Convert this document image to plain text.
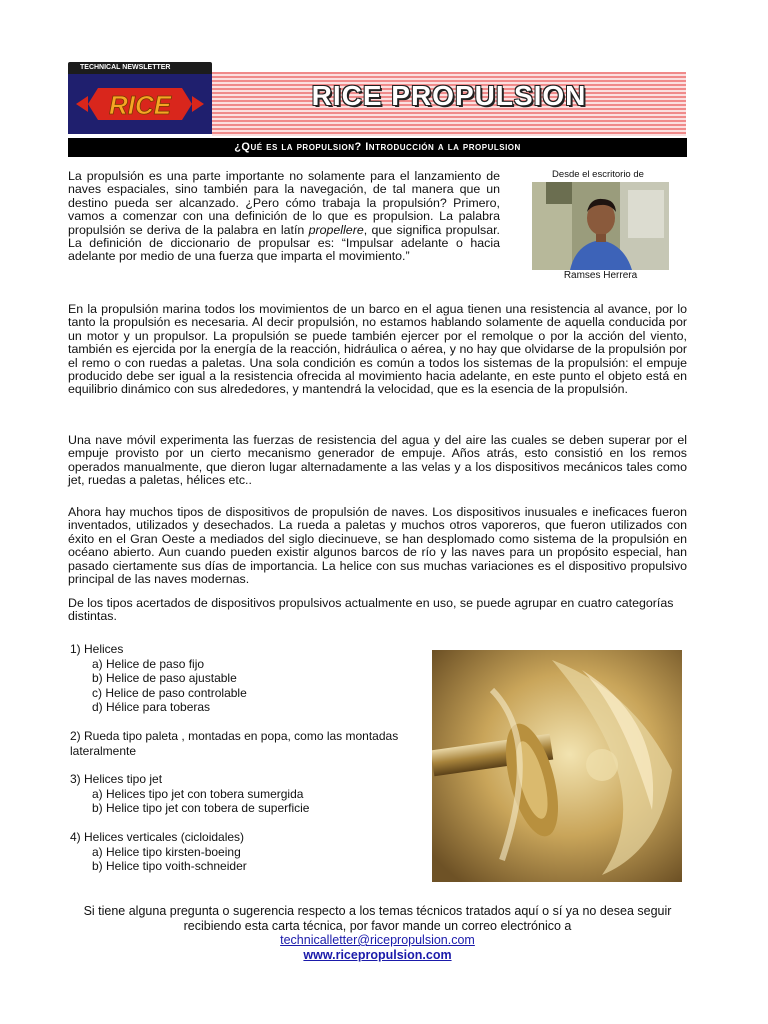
TECHNICAL NEWSLETTER
RICE	RICE PROPULSION
¿Qué es la propulsion? Introducción a la propulsion

La propulsión es una parte importante no solamente para el lanzamiento de naves espaciales, sino también para la navegación, de tal manera que un destino pueda ser alcanzado. ¿Pero cómo trabaja la propulsión? Primero, vamos a comenzar con una definición de lo que es propulsion. La palabra propulsión se deriva de la palabra en latín propellere, que significa propulsar. La definición de diccionario de propulsar es: “Impulsar adelante o hacia adelante por medio de una fuerza que imparta el movimiento.”

Desde el escritorio de
Ramses Herrera

En la propulsión marina todos los movimientos de un barco en el agua tienen una resistencia al avance, por lo tanto la propulsión es necesaria. Al decir propulsión, no estamos hablando solamente de aquella conducida por un motor y un propulsor. La propulsión se puede también ejercer por el remolque o por la acción del viento, también es ejercida por la energía de la reacción, hidráulica o aérea, y no hay que olvidarse de la propulsión por el remo o con ruedas a paletas. Una sola condición es común a todos los sistemas de la propulsión: el empuje producido debe ser igual a la resistencia ofrecida al movimiento hacia adelante, en este punto el objeto está en equilibrio dinámico con sus alrededores, y mantendrá la velocidad, que es la esencia de la propulsión.

Una nave móvil experimenta las fuerzas de resistencia del agua y del aire las cuales se deben superar por el empuje provisto por un cierto mecanismo generador de empuje. Años atrás, esto consistió en los remos operados manualmente, que dieron lugar alternadamente a las velas y a los dispositivos mecánicos tales como jet, ruedas a paletas, hélices etc..

Ahora hay muchos tipos de dispositivos de propulsión de naves. Los dispositivos inusuales e ineficaces fueron inventados, utilizados y desechados. La rueda a paletas y muchos otros vaporeros, que fueron utilizados con éxito en el Gran Oeste a mediados del siglo diecinueve, se han desplomado como sistema de la propulsión en océano abierto. Aun cuando pueden existir algunos barcos de río y las naves para un propósito especial, han pasado ciertamente sus días de importancia. La helice con sus muchas variaciones es el dispositivo propulsivo principal de las naves modernas.

De los tipos acertados de dispositivos propulsivos actualmente en uso, se puede agrupar en cuatro categorías distintas.

1) Helices
a) Helice de paso fijo
b) Helice de paso ajustable
c) Helice de paso controlable
d) Hélice para toberas
2) Rueda tipo paleta , montadas en popa, como las montadas lateralmente
3) Helices tipo jet
a) Helices tipo jet con tobera sumergida
b) Helice tipo jet con tobera de superficie
4) Helices verticales (cicloidales)
a) Helice tipo kirsten-boeing
b) Helice tipo voith-schneider
Si tiene alguna pregunta o sugerencia respecto a los temas técnicos tratados aquí o sí ya no desea seguir recibiendo esta carta técnica, por favor mande un correo electrónico a
technicalletter@ricepropulsion.com
www.ricepropulsion.com
